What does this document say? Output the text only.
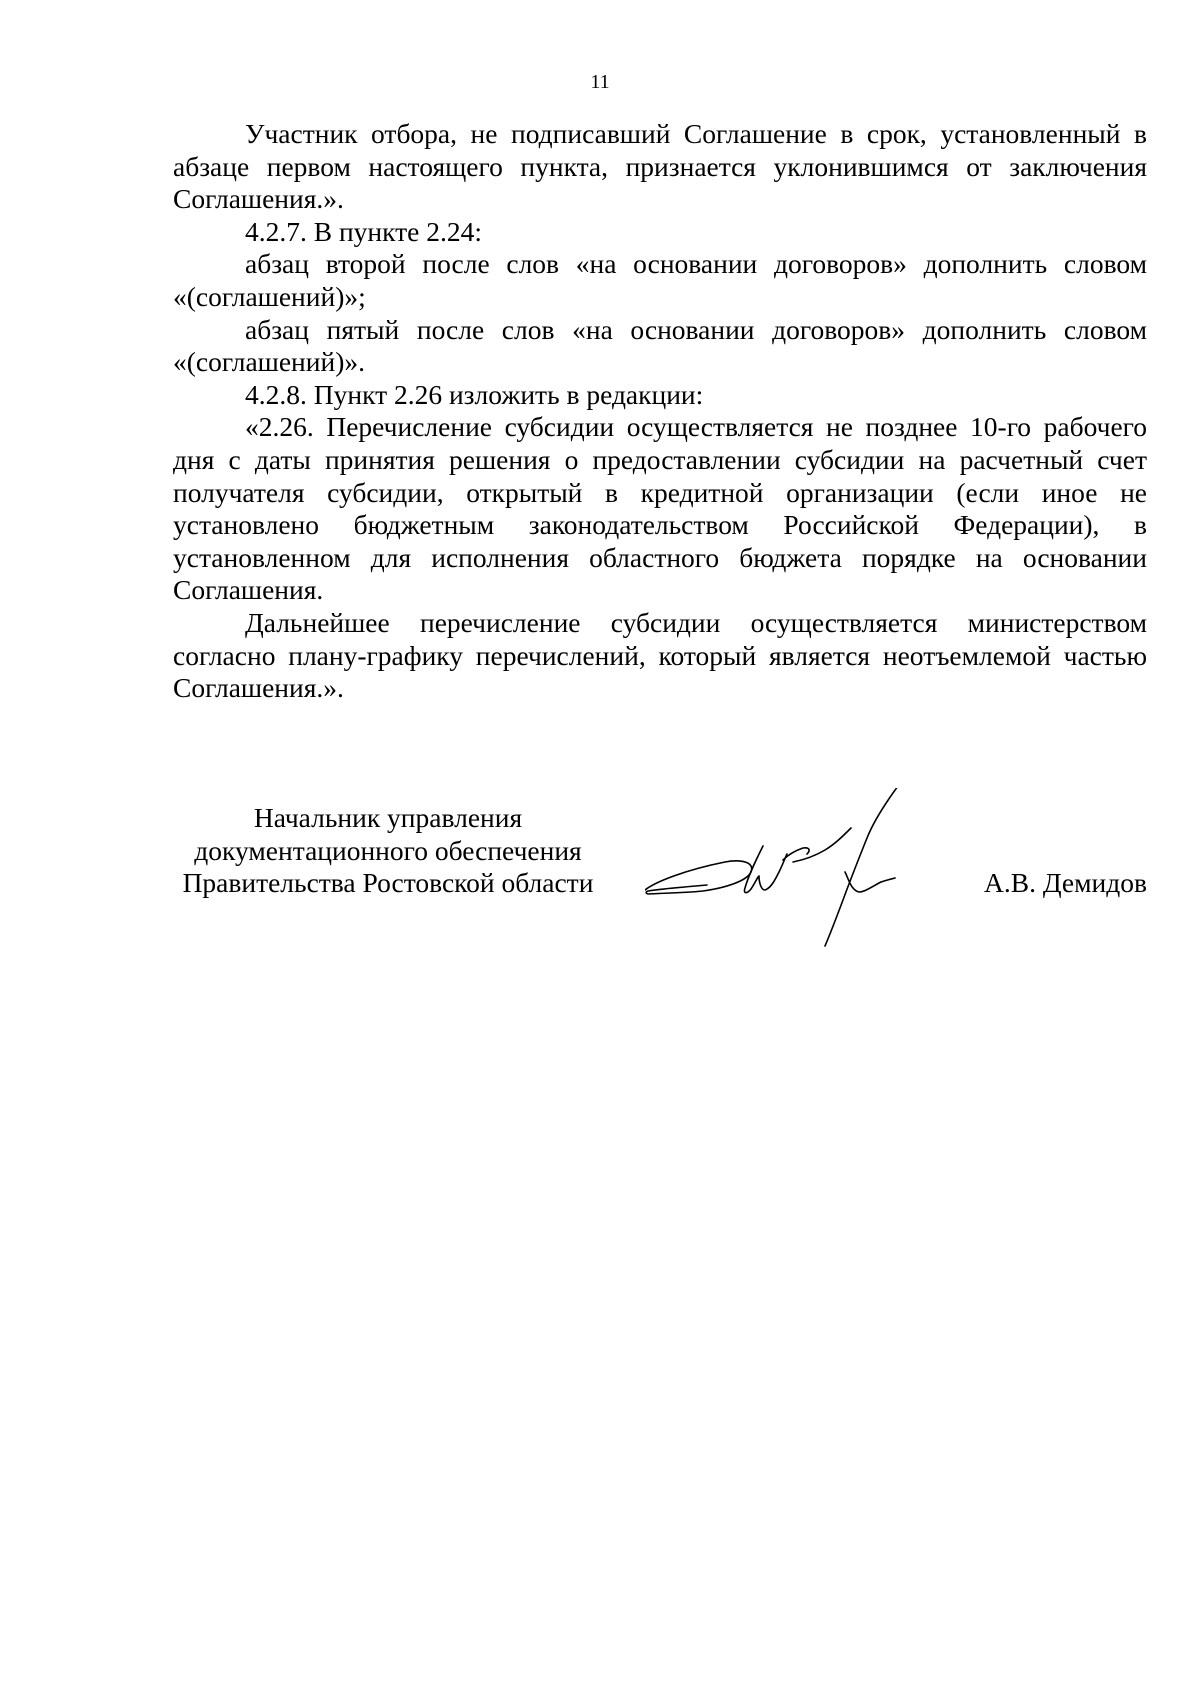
11

Участник отбора, не подписавший Соглашение в срок, установленный в абзаце первом настоящего пункта, признается уклонившимся от заключения Соглашения.».

4.2.7. В пункте 2.24:

абзац второй после слов «на основании договоров» дополнить словом «(соглашений)»;

абзац пятый после слов «на основании договоров» дополнить словом «(соглашений)».

4.2.8. Пункт 2.26 изложить в редакции:

«2.26. Перечисление субсидии осуществляется не позднее 10-го рабочего дня с даты принятия решения о предоставлении субсидии на расчетный счет получателя субсидии, открытый в кредитной организации (если иное не установлено бюджетным законодательством Российской Федерации), в установленном для исполнения областного бюджета порядке на основании Соглашения.

Дальнейшее перечисление субсидии осуществляется министерством согласно плану-графику перечислений, который является неотъемлемой частью Соглашения.».

Начальник управления
документационного обеспечения
Правительства Ростовской области	А.В. Демидов
